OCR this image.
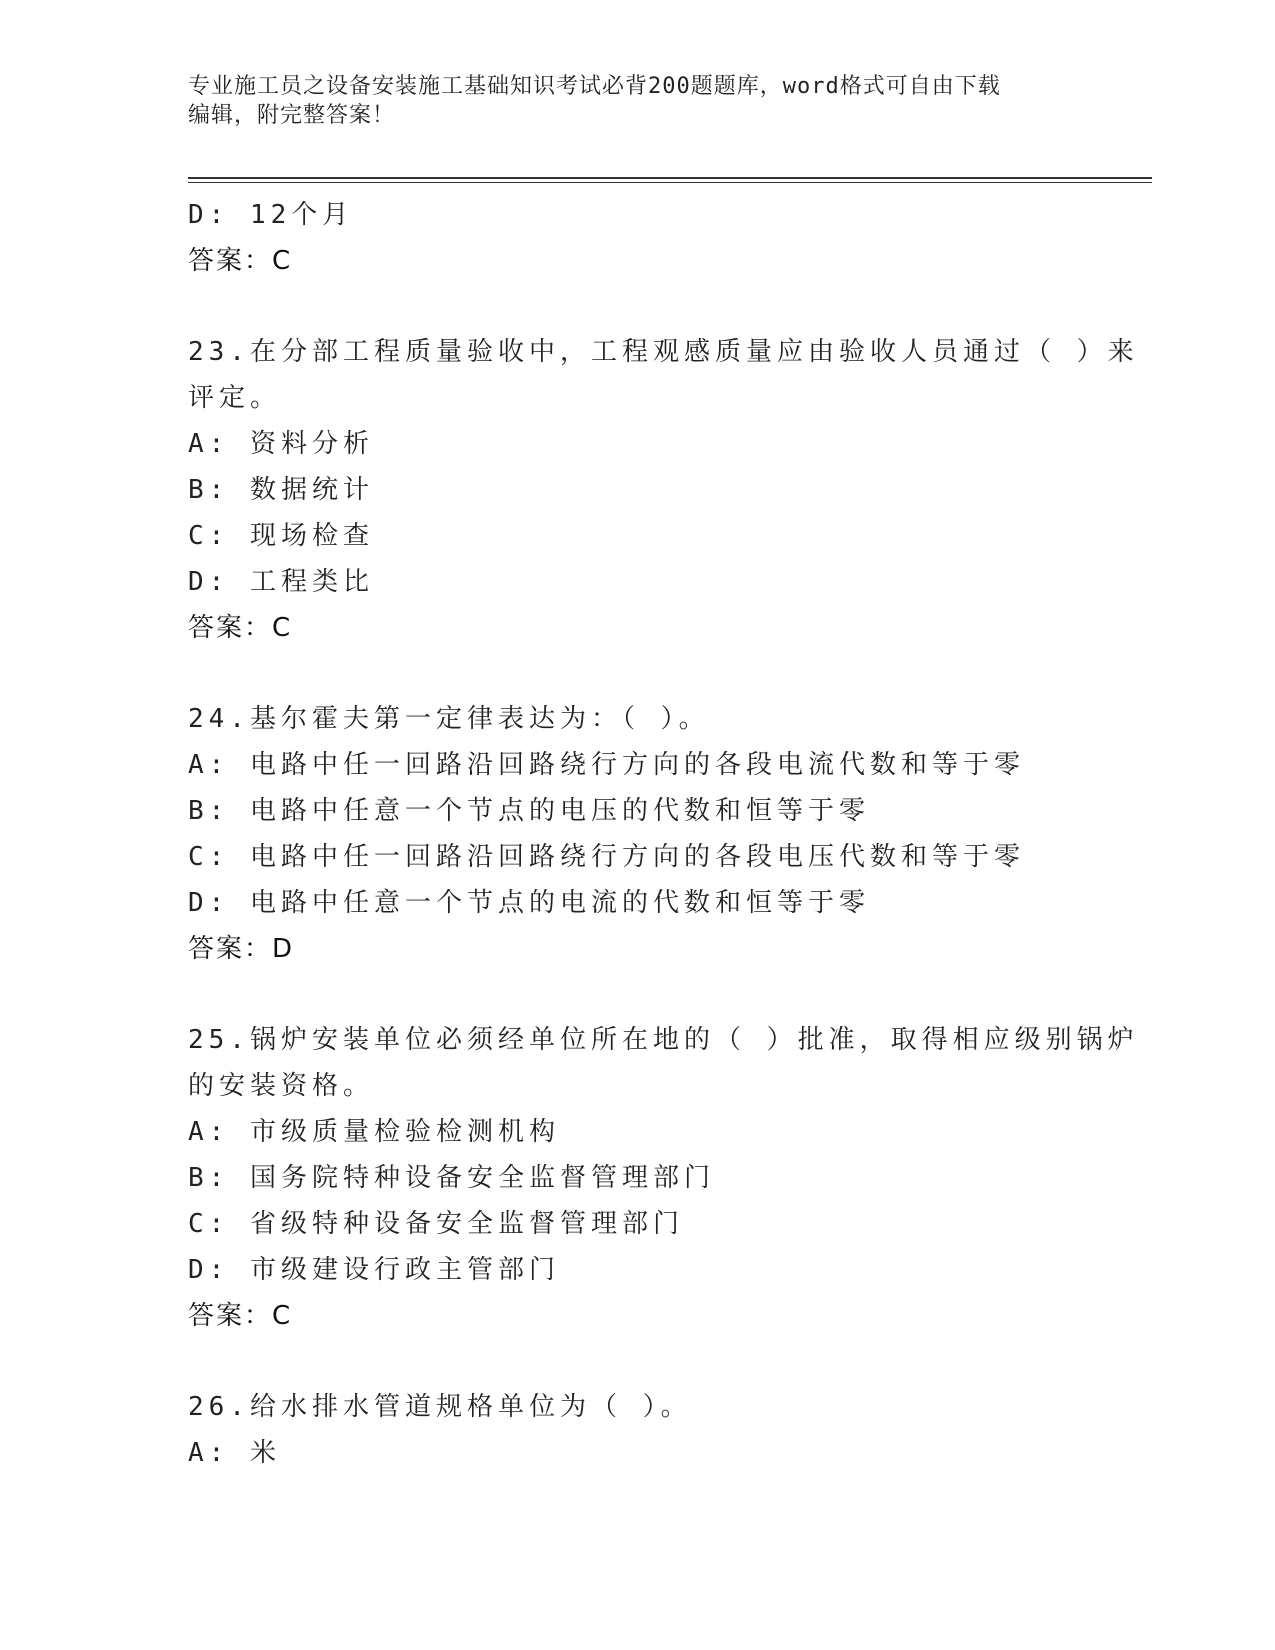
专业施工员之设备安装施工基础知识考试必背200题题库，word格式可自由下载
编辑，附完整答案！
D: 12个月
答案：C
23.在分部工程质量验收中，工程观感质量应由验收人员通过（ ）来
评定。
A: 资料分析
B: 数据统计
C: 现场检查
D: 工程类比
答案：C
24.基尔霍夫第一定律表达为：（ ）。
A: 电路中任一回路沿回路绕行方向的各段电流代数和等于零
B: 电路中任意一个节点的电压的代数和恒等于零
C: 电路中任一回路沿回路绕行方向的各段电压代数和等于零
D: 电路中任意一个节点的电流的代数和恒等于零
答案：D
25.锅炉安装单位必须经单位所在地的（ ）批准，取得相应级别锅炉
的安装资格。
A: 市级质量检验检测机构
B: 国务院特种设备安全监督管理部门
C: 省级特种设备安全监督管理部门
D: 市级建设行政主管部门
答案：C
26.给水排水管道规格单位为（ ）。
A: 米
